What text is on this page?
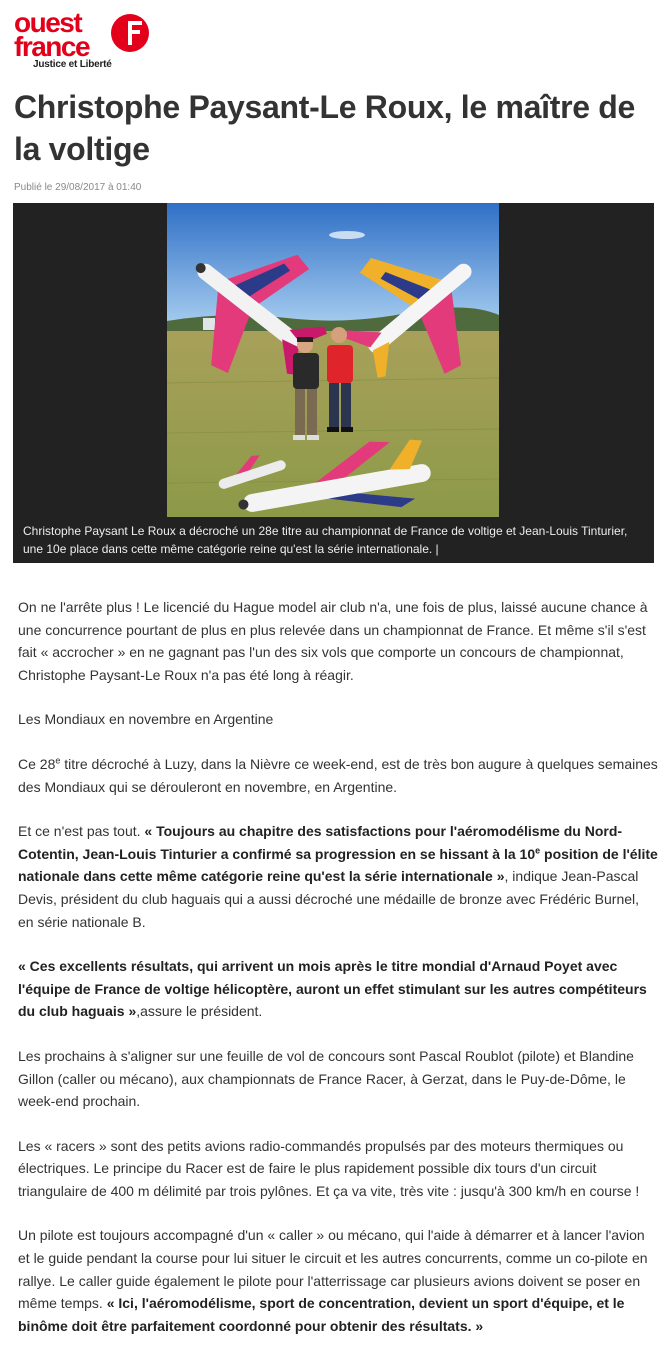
ouest
france
Justice et Liberté
Christophe Paysant-Le Roux, le maître de la voltige
Publié le 29/08/2017 à 01:40
Christophe Paysant Le Roux a décroché un 28e titre au championnat de France de voltige et Jean-Louis Tinturier, une 10e place dans cette même catégorie reine qu'est la série internationale. |

On ne l'arrête plus ! Le licencié du Hague model air club n'a, une fois de plus, laissé aucune chance à une concurrence pourtant de plus en plus relevée dans un championnat de France. Et même s'il s'est fait « accrocher » en ne gagnant pas l'un des six vols que comporte un concours de championnat, Christophe Paysant-Le Roux n'a pas été long à réagir.

Les Mondiaux en novembre en Argentine

Ce 28e titre décroché à Luzy, dans la Nièvre ce week-end, est de très bon augure à quelques semaines des Mondiaux qui se dérouleront en novembre, en Argentine.

Et ce n'est pas tout. « Toujours au chapitre des satisfactions pour l'aéromodélisme du Nord-Cotentin, Jean-Louis Tinturier a confirmé sa progression en se hissant à la 10e position de l'élite nationale dans cette même catégorie reine qu'est la série internationale », indique Jean-Pascal Devis, président du club haguais qui a aussi décroché une médaille de bronze avec Frédéric Burnel, en série nationale B.

« Ces excellents résultats, qui arrivent un mois après le titre mondial d'Arnaud Poyet avec l'équipe de France de voltige hélicoptère, auront un effet stimulant sur les autres compétiteurs du club haguais »,assure le président.

Les prochains à s'aligner sur une feuille de vol de concours sont Pascal Roublot (pilote) et Blandine Gillon (caller ou mécano), aux championnats de France Racer, à Gerzat, dans le Puy-de-Dôme, le week-end prochain.

Les « racers » sont des petits avions radio-commandés propulsés par des moteurs thermiques ou électriques. Le principe du Racer est de faire le plus rapidement possible dix tours d'un circuit triangulaire de 400 m délimité par trois pylônes. Et ça va vite, très vite : jusqu'à 300 km/h en course !

Un pilote est toujours accompagné d'un « caller » ou mécano, qui l'aide à démarrer et à lancer l'avion et le guide pendant la course pour lui situer le circuit et les autres concurrents, comme un co-pilote en rallye. Le caller guide également le pilote pour l'atterrissage car plusieurs avions doivent se poser en même temps. « Ici, l'aéromodélisme, sport de concentration, devient un sport d'équipe, et le binôme doit être parfaitement coordonné pour obtenir des résultats. »
